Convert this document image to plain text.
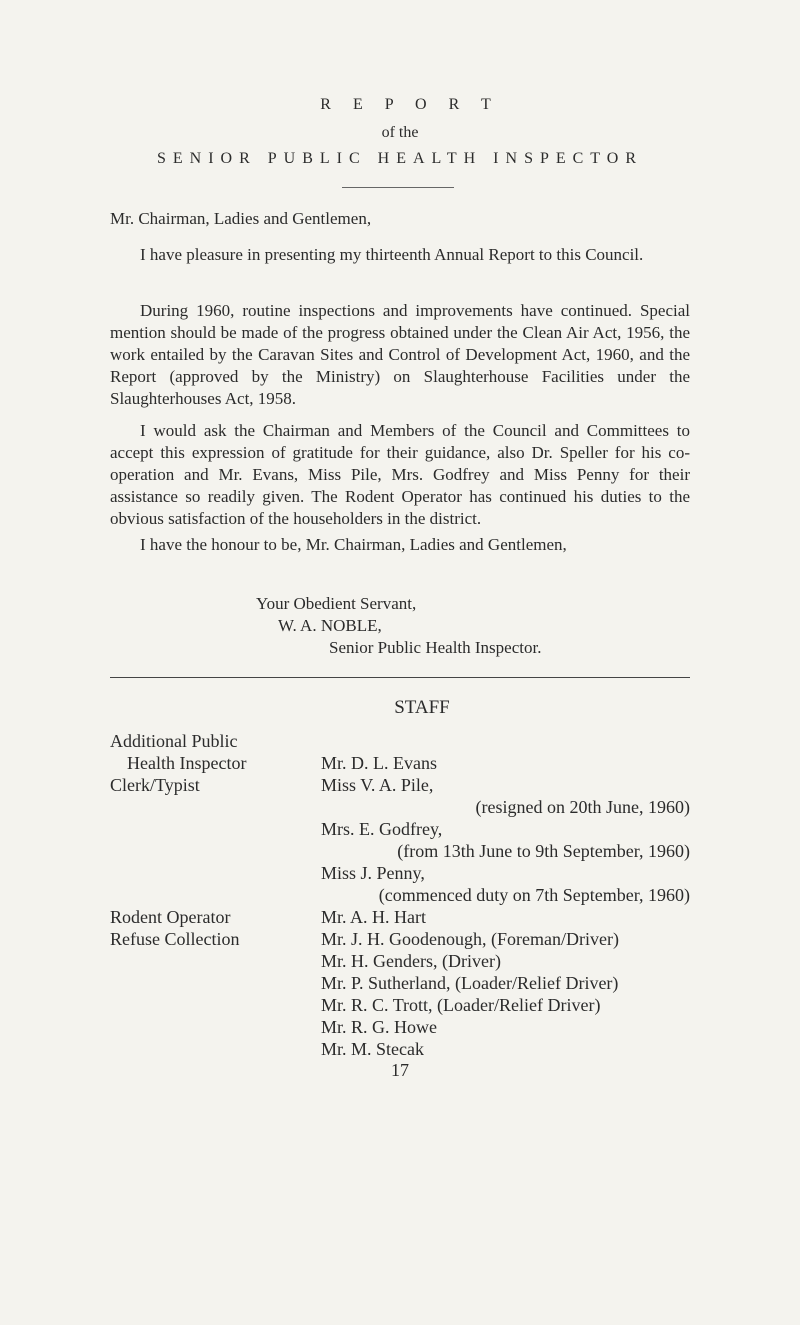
R E P O R T
of the
SENIOR PUBLIC HEALTH INSPECTOR
Mr. Chairman, Ladies and Gentlemen,

I have pleasure in presenting my thirteenth Annual Report to this Council.

During 1960, routine inspections and improvements have continued. Special mention should be made of the progress obtained under the Clean Air Act, 1956, the work entailed by the Caravan Sites and Control of Development Act, 1960, and the Report (approved by the Ministry) on Slaughterhouse Facilities under the Slaughterhouses Act, 1958.

I would ask the Chairman and Members of the Council and Committees to accept this expression of gratitude for their guidance, also Dr. Speller for his co-operation and Mr. Evans, Miss Pile, Mrs. Godfrey and Miss Penny for their assistance so readily given. The Rodent Operator has continued his duties to the obvious satisfaction of the householders in the district.

I have the honour to be, Mr. Chairman, Ladies and Gentlemen,

Your Obedient Servant,
W. A. NOBLE,
Senior Public Health Inspector.
STAFF
Additional Public
Health Inspector	Mr. D. L. Evans
Clerk/Typist	Miss V. A. Pile,
(resigned on 20th June, 1960)
Mrs. E. Godfrey,
(from 13th June to 9th September, 1960)
Miss J. Penny,
(commenced duty on 7th September, 1960)
Rodent Operator	Mr. A. H. Hart
Refuse Collection	Mr. J. H. Goodenough, (Foreman/Driver)
Mr. H. Genders, (Driver)
Mr. P. Sutherland, (Loader/Relief Driver)
Mr. R. C. Trott, (Loader/Relief Driver)
Mr. R. G. Howe
Mr. M. Stecak
17
